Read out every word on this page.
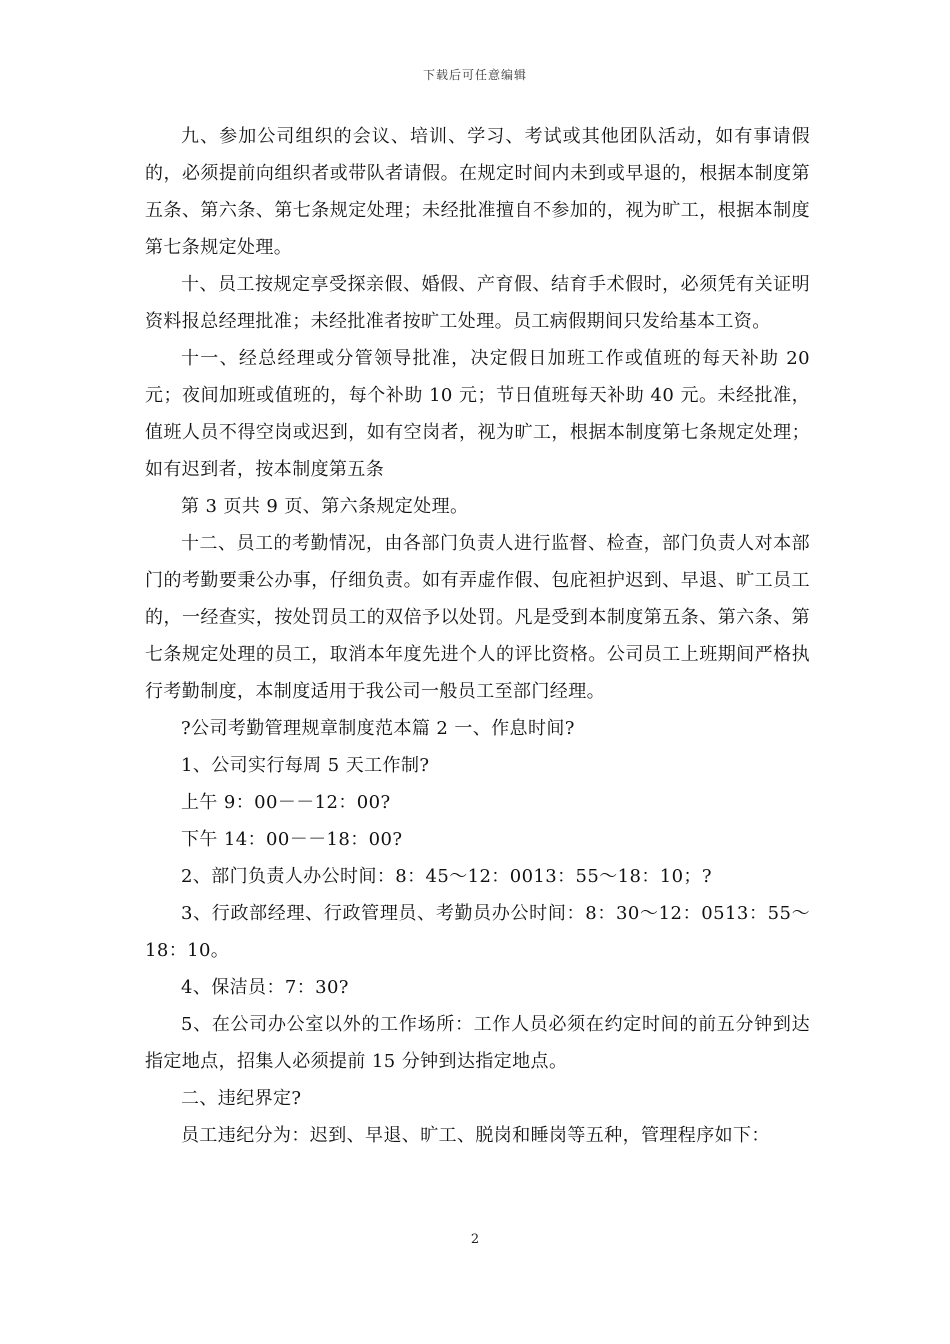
下载后可任意编辑

九、参加公司组织的会议、培训、学习、考试或其他团队活动，如有事请假的，必须提前向组织者或带队者请假。在规定时间内未到或早退的，根据本制度第五条、第六条、第七条规定处理；未经批准擅自不参加的，视为旷工，根据本制度第七条规定处理。

十、员工按规定享受探亲假、婚假、产育假、结育手术假时，必须凭有关证明资料报总经理批准；未经批准者按旷工处理。员工病假期间只发给基本工资。

十一、经总经理或分管领导批准，决定假日加班工作或值班的每天补助 20 元；夜间加班或值班的，每个补助 10 元；节日值班每天补助 40 元。未经批准，值班人员不得空岗或迟到，如有空岗者，视为旷工，根据本制度第七条规定处理；如有迟到者，按本制度第五条

第 3 页共 9 页、第六条规定处理。

十二、员工的考勤情况，由各部门负责人进行监督、检查，部门负责人对本部门的考勤要秉公办事，仔细负责。如有弄虚作假、包庇袒护迟到、早退、旷工员工的，一经查实，按处罚员工的双倍予以处罚。凡是受到本制度第五条、第六条、第七条规定处理的员工，取消本年度先进个人的评比资格。公司员工上班期间严格执行考勤制度，本制度适用于我公司一般员工至部门经理。

?公司考勤管理规章制度范本篇 2 一、作息时间?

1、公司实行每周 5 天工作制?

上午 9：00－－12：00?

下午 14：00－－18：00?

2、部门负责人办公时间：8：45～12：0013：55～18：10；?

3、行政部经理、行政管理员、考勤员办公时间：8：30～12：0513：55～18：10。

4、保洁员：7：30?

5、在公司办公室以外的工作场所：工作人员必须在约定时间的前五分钟到达指定地点，招集人必须提前 15 分钟到达指定地点。

二、违纪界定?

员工违纪分为：迟到、早退、旷工、脱岗和睡岗等五种，管理程序如下：

2
